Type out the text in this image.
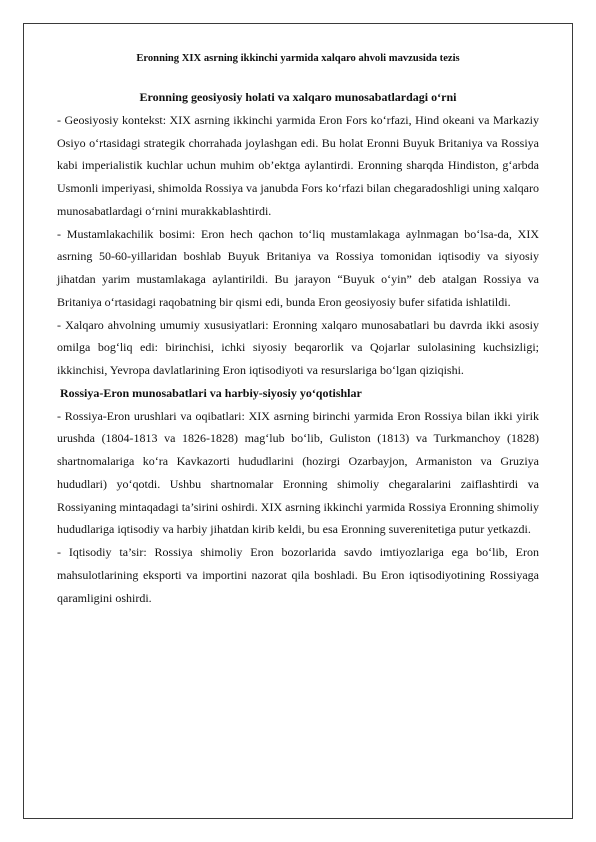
Eronning XIX asrning ikkinchi yarmida xalqaro ahvoli mavzusida tezis

Eronning geosiyosiy holati va xalqaro munosabatlardagi o‘rni

- Geosiyosiy kontekst: XIX asrning ikkinchi yarmida Eron Fors ko‘rfazi, Hind okeani va Markaziy Osiyo o‘rtasidagi strategik chorrahada joylashgan edi. Bu holat Eronni Buyuk Britaniya va Rossiya kabi imperialistik kuchlar uchun muhim ob’ektga aylantirdi. Eronning sharqda Hindiston, g‘arbda Usmonli imperiyasi, shimolda Rossiya va janubda Fors ko‘rfazi bilan chegaradoshligi uning xalqaro munosabatlardagi o‘rnini murakkablashtirdi.

- Mustamlakachilik bosimi: Eron hech qachon to‘liq mustamlakaga aylnmagan bo‘lsa-da, XIX asrning 50-60-yillaridan boshlab Buyuk Britaniya va Rossiya tomonidan iqtisodiy va siyosiy jihatdan yarim mustamlakaga aylantirildi. Bu jarayon “Buyuk o‘yin” deb atalgan Rossiya va Britaniya o‘rtasidagi raqobatning bir qismi edi, bunda Eron geosiyosiy bufer sifatida ishlatildi.

- Xalqaro ahvolning umumiy xususiyatlari: Eronning xalqaro munosabatlari bu davrda ikki asosiy omilga bog‘liq edi: birinchisi, ichki siyosiy beqarorlik va Qojarlar sulolasining kuchsizligi; ikkinchisi, Yevropa davlatlarining Eron iqtisodiyoti va resurslariga bo‘lgan qiziqishi.

Rossiya-Eron munosabatlari va harbiy-siyosiy yo‘qotishlar

- Rossiya-Eron urushlari va oqibatlari: XIX asrning birinchi yarmida Eron Rossiya bilan ikki yirik urushda (1804-1813 va 1826-1828) mag‘lub bo‘lib, Guliston (1813) va Turkmanchoy (1828) shartnomalariga ko‘ra Kavkazorti hududlarini (hozirgi Ozarbayjon, Armaniston va Gruziya hududlari) yo‘qotdi. Ushbu shartnomalar Eronning shimoliy chegaralarini zaiflashtirdi va Rossiyaning mintaqadagi ta’sirini oshirdi. XIX asrning ikkinchi yarmida Rossiya Eronning shimoliy hududlariga iqtisodiy va harbiy jihatdan kirib keldi, bu esa Eronning suverenitetiga putur yetkazdi.

- Iqtisodiy ta’sir: Rossiya shimoliy Eron bozorlarida savdo imtiyozlariga ega bo‘lib, Eron mahsulotlarining eksporti va importini nazorat qila boshladi. Bu Eron iqtisodiyotining Rossiyaga qaramligini oshirdi.
